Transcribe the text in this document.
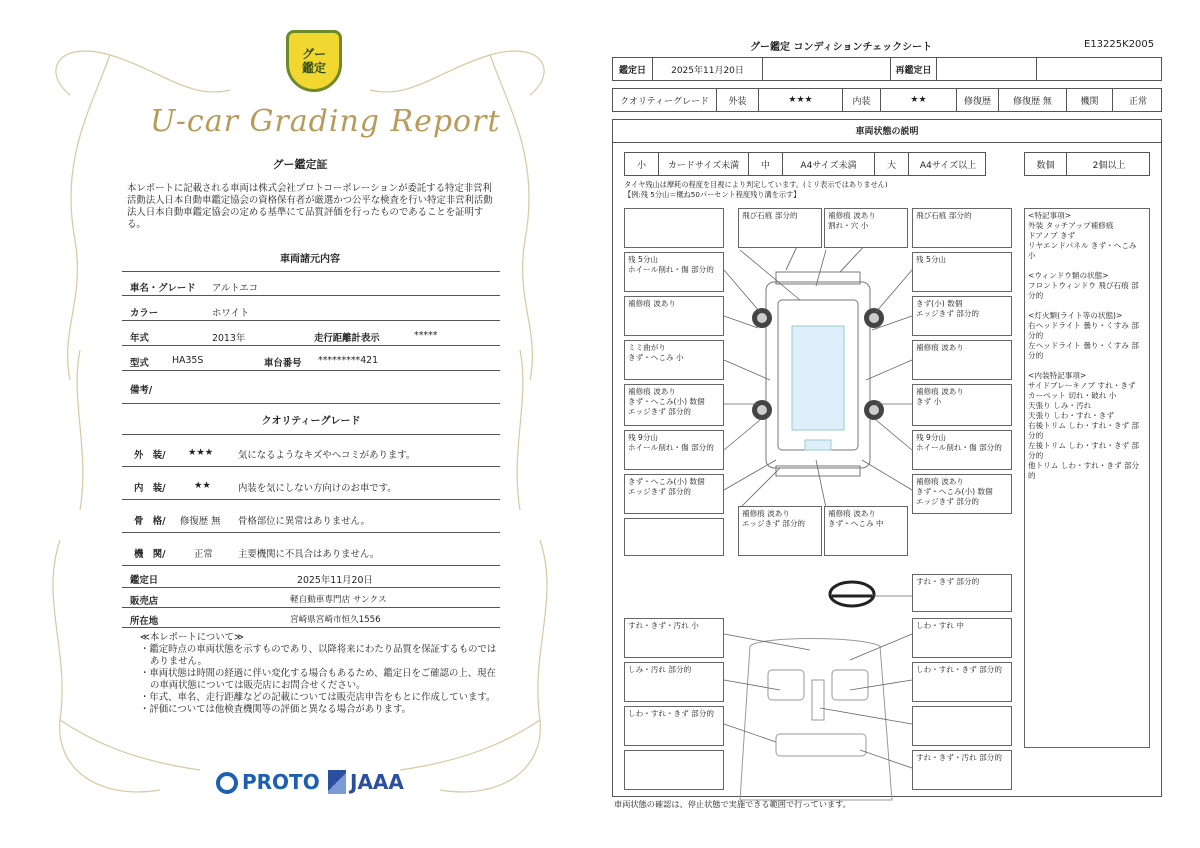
グー
鑑定
U-car Grading Report
グー鑑定証
本レポートに記載される車両は株式会社プロトコーポレーションが委託する特定非営利活動法人日本自動車鑑定協会の資格保有者が厳選かつ公平な検査を行い特定非営利活動法人日本自動車鑑定協会の定める基準にて品質評価を行ったものであることを証明する。
車両諸元内容
車名・グレード アルトエコ
カラー	ホワイト
年式	2013年	走行距離計表示	*****
型式 HA35S	車台番号 *********421
備考/
クオリティーグレード
外　装/ ★★★	気になるようなキズやヘコミがあります。
内　装/	★★	内装を気にしない方向けのお車です。
骨　格/ 修復歴 無 骨格部位に異常はありません。
機　関/	正常	主要機関に不具合はありません。
鑑定日	2025年11月20日
販売店	軽自動車専門店 サンクス
所在地	宮崎県宮崎市恒久1556
≪本レポートについて≫
・鑑定時点の車両状態を示すものであり、以降将来にわたり品質を保証するものではありません。
・車両状態は時間の経過に伴い変化する場合もあるため、鑑定日をご確認の上、現在の車両状態については販売店にお問合せください。
・年式、車名、走行距離などの記載については販売店申告をもとに作成しています。
・評価については他検査機関等の評価と異なる場合があります。
PROTO JAAA
グー鑑定 コンディションチェックシート	E13225K2005
鑑定日	2025年11月20日	再鑑定日
クオリティーグレード	外装	★★★	内装	★★	修復歴	修復歴 無	機関	正常
車両状態の説明
小	カードサイズ未満	中	A4サイズ未満	大	A4サイズ以上	数個	2個以上
タイヤ残山は摩耗の程度を目視により判定しています。(ミリ表示ではありません)
【例:残 5分山＝概ね50パーセント程度残り溝を示す】
残 5分山
ホイール削れ・傷 部分的
補修痕 波あり
ミミ曲がり
きず・へこみ 小
補修痕 波あり
きず・へこみ(小) 数個
エッジきず 部分的
残 9分山
ホイール削れ・傷 部分的
きず・へこみ(小) 数個
エッジきず 部分的
飛び石痕 部分的	補修痕 波あり
割れ・穴 小
飛び石痕 部分的
残 5分山
きず(小) 数個
エッジきず 部分的
補修痕 波あり
補修痕 波あり
きず 小
残 9分山
ホイール削れ・傷 部分的
補修痕 波あり
きず・へこみ(小) 数個
エッジきず 部分的
補修痕 波あり
エッジきず 部分的
補修痕 波あり
きず・へこみ 中
<特記事項>
外装 タッチアップ補修痕
ドアノブ きず
リヤエンドパネル きず・へこみ 小

<ウィンドウ類の状態>
フロントウィンドウ 飛び石痕 部分的

<灯火類(ライト等の状態)>
右ヘッドライト 曇り・くすみ 部分的
左ヘッドライト 曇り・くすみ 部分的

<内装特記事項>
サイドブレーキノブ すれ・きず
カーペット 切れ・破れ 小
天張り しみ・汚れ
天張り しわ・すれ・きず
右後トリム しわ・すれ・きず 部分的
左後トリム しわ・すれ・きず 部分的
他トリム しわ・すれ・きず 部分的
すれ・きず 部分的
すれ・きず・汚れ 小	しわ・すれ 中
しみ・汚れ 部分的	しわ・すれ・きず 部分的
しわ・すれ・きず 部分的
すれ・きず・汚れ 部分的
車両状態の確認は、停止状態で実施できる範囲で行っています。
